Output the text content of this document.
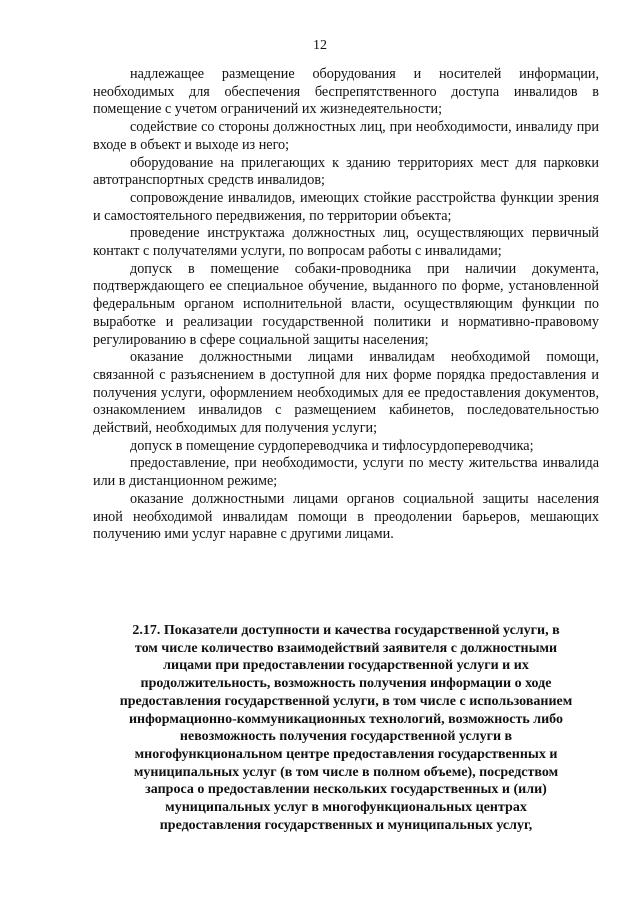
12

надлежащее размещение оборудования и носителей информации, необходимых для обеспечения беспрепятственного доступа инвалидов в помещение с учетом ограничений их жизнедеятельности;

содействие со стороны должностных лиц, при необходимости, инвалиду при входе в объект и выходе из него;

оборудование на прилегающих к зданию территориях мест для парковки автотранспортных средств инвалидов;

сопровождение инвалидов, имеющих стойкие расстройства функции зрения и самостоятельного передвижения, по территории объекта;

проведение инструктажа должностных лиц, осуществляющих первичный контакт с получателями услуги, по вопросам работы с инвалидами;

допуск в помещение собаки-проводника при наличии документа, подтверждающего ее специальное обучение, выданного по форме, установленной федеральным органом исполнительной власти, осуществляющим функции по выработке и реализации государственной политики и нормативно-правовому регулированию в сфере социальной защиты населения;

оказание должностными лицами инвалидам необходимой помощи, связанной с разъяснением в доступной для них форме порядка предоставления и получения услуги, оформлением необходимых для ее предоставления документов, ознакомлением инвалидов с размещением кабинетов, последовательностью действий, необходимых для получения услуги;

допуск в помещение сурдопереводчика и тифлосурдопереводчика;

предоставление, при необходимости, услуги по месту жительства инвалида или в дистанционном режиме;

оказание должностными лицами органов социальной защиты населения иной необходимой инвалидам помощи в преодолении барьеров, мешающих получению ими услуг наравне с другими лицами.

2.17. Показатели доступности и качества государственной услуги, в

том числе количество взаимодействий заявителя с должностными

лицами при предоставлении государственной услуги и их

продолжительность, возможность получения информации о ходе

предоставления государственной услуги, в том числе с использованием

информационно-коммуникационных технологий, возможность либо

невозможность получения государственной услуги в

многофункциональном центре предоставления государственных и

муниципальных услуг (в том числе в полном объеме), посредством

запроса о предоставлении нескольких государственных и (или)

муниципальных услуг в многофункциональных центрах

предоставления государственных и муниципальных услуг,
